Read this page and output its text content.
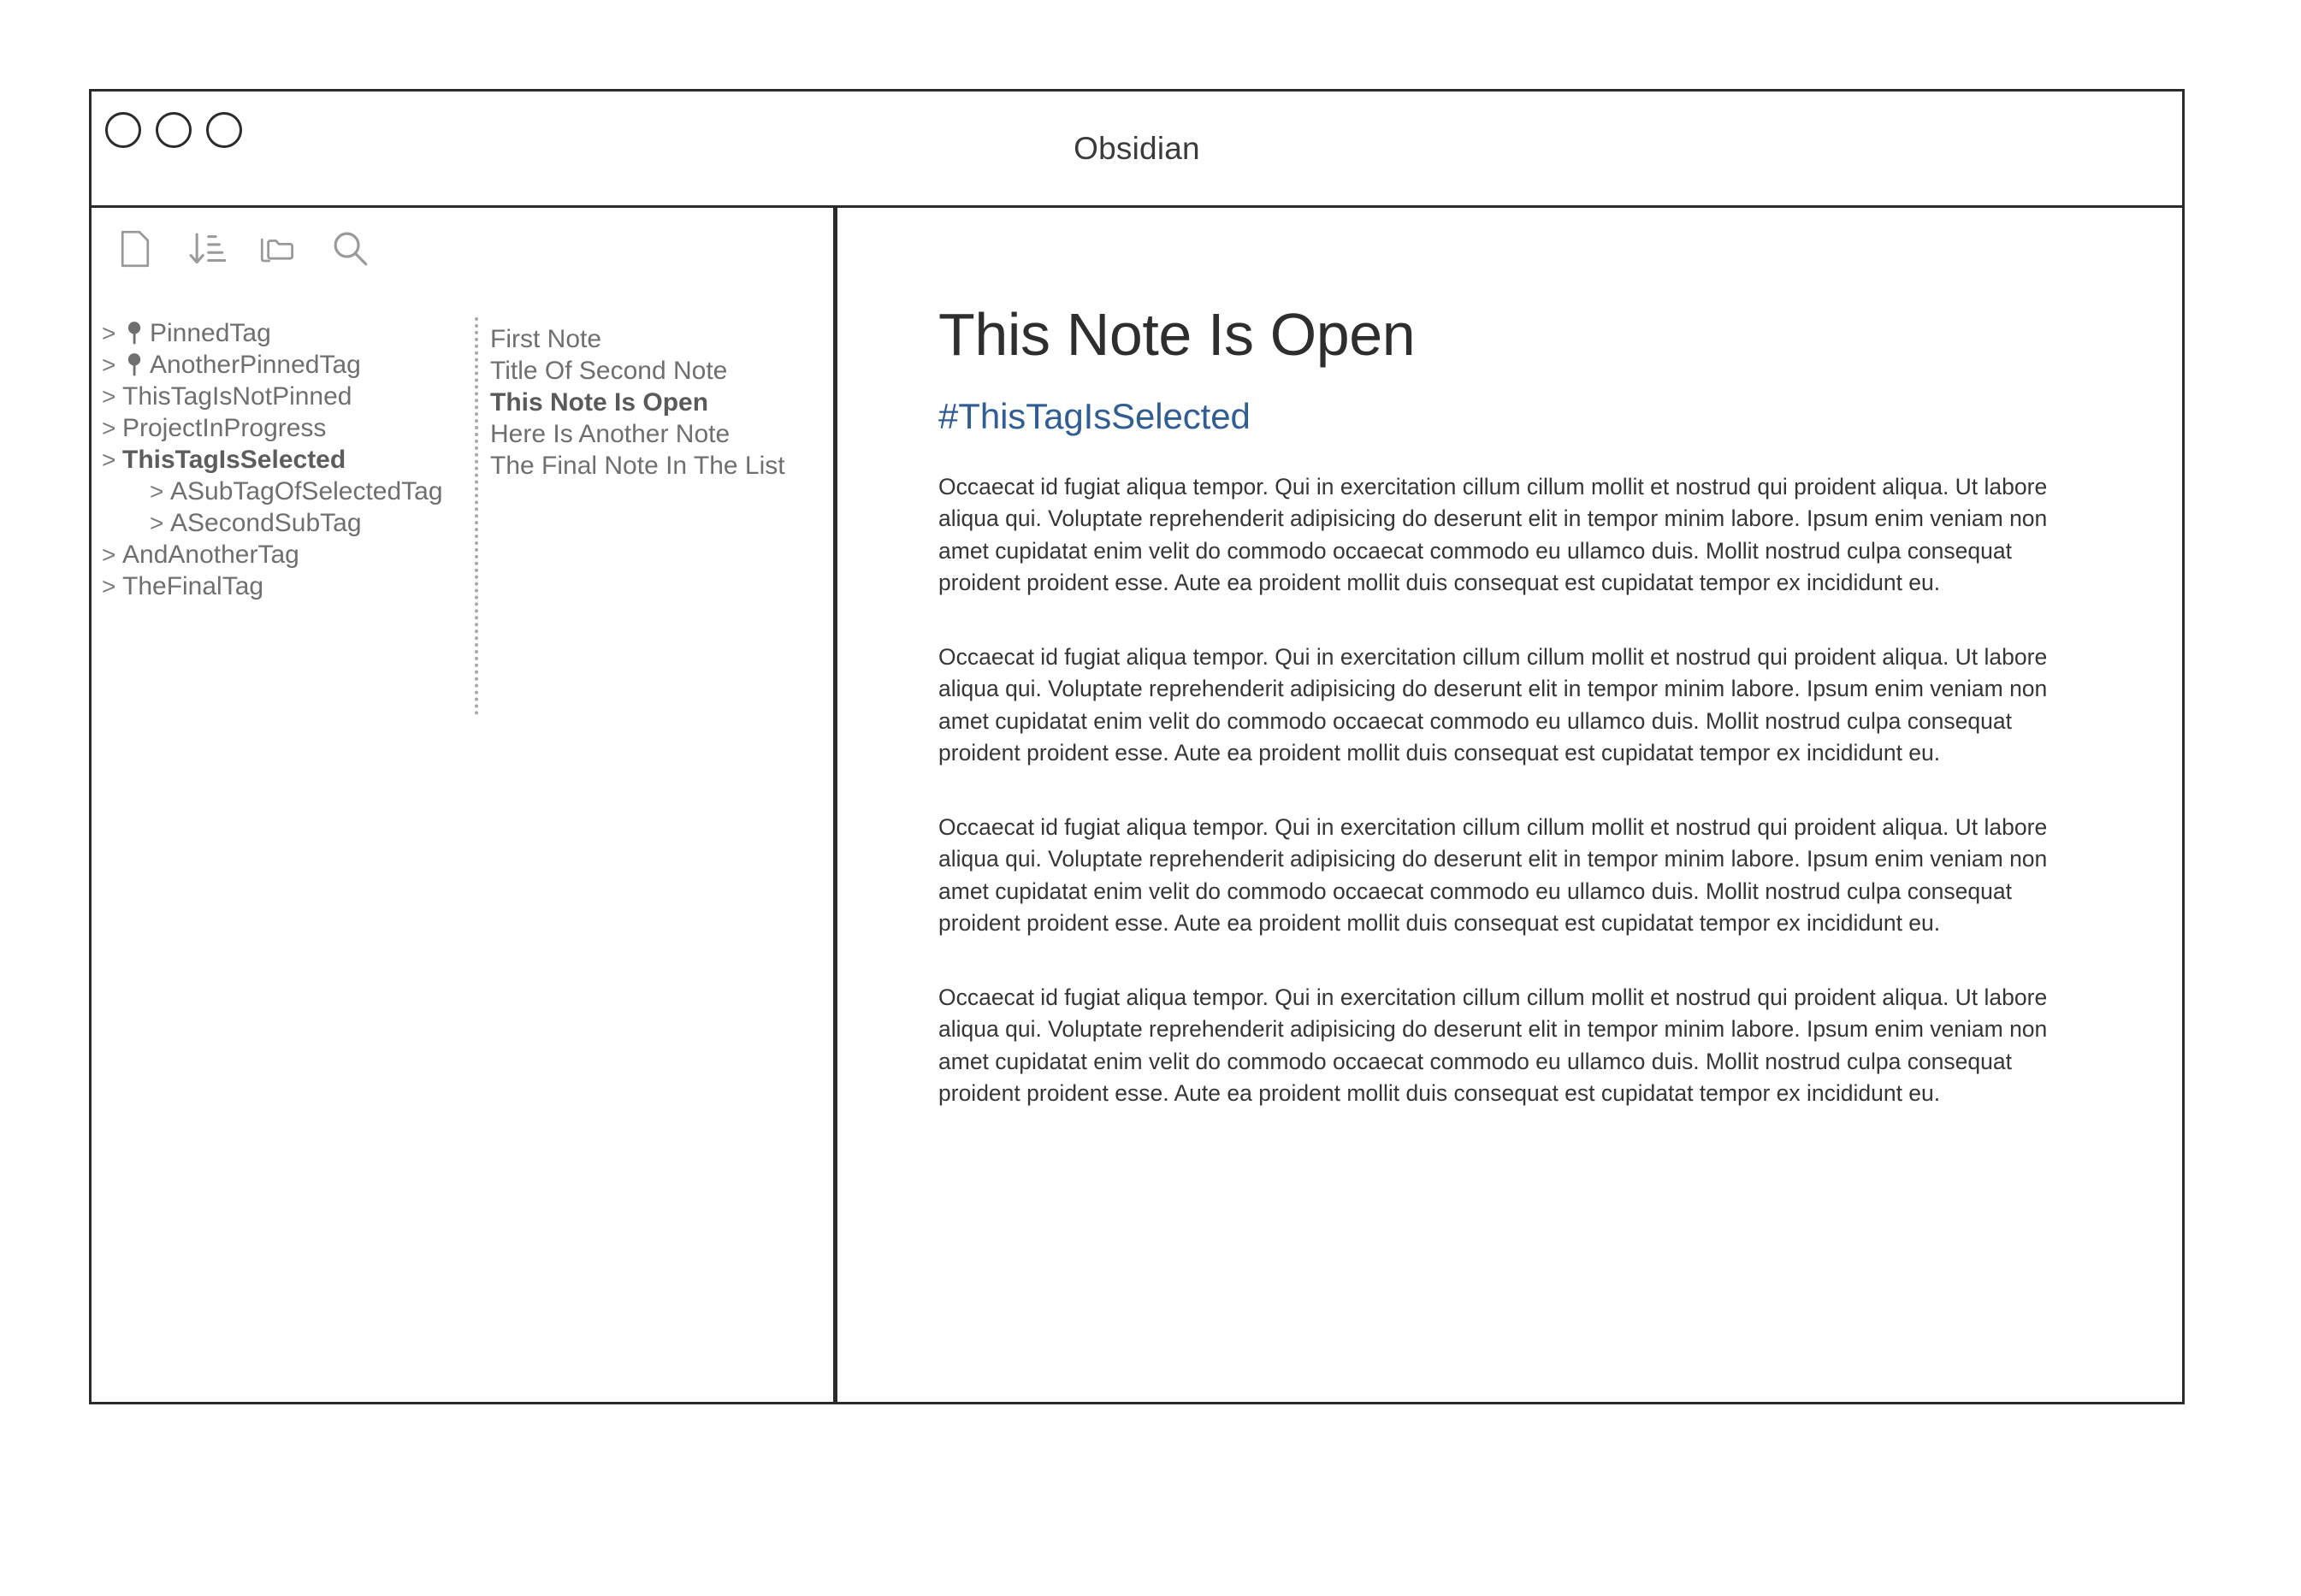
Obsidian
> PinnedTag
> AnotherPinnedTag
> ThisTagIsNotPinned
> ProjectInProgress
> ThisTagIsSelected
> ASubTagOfSelectedTag
> ASecondSubTag
> AndAnotherTag
> TheFinalTag
First Note
Title Of Second Note
This Note Is Open
Here Is Another Note
The Final Note In The List
This Note Is Open
#ThisTagIsSelected

Occaecat id fugiat aliqua tempor. Qui in exercitation cillum cillum mollit et nostrud qui proident aliqua. Ut labore aliqua qui. Voluptate reprehenderit adipisicing do deserunt elit in tempor minim labore. Ipsum enim veniam non amet cupidatat enim velit do commodo occaecat commodo eu ullamco duis. Mollit nostrud culpa consequat proident proident esse. Aute ea proident mollit duis consequat est cupidatat tempor ex incididunt eu.

Occaecat id fugiat aliqua tempor. Qui in exercitation cillum cillum mollit et nostrud qui proident aliqua. Ut labore aliqua qui. Voluptate reprehenderit adipisicing do deserunt elit in tempor minim labore. Ipsum enim veniam non amet cupidatat enim velit do commodo occaecat commodo eu ullamco duis. Mollit nostrud culpa consequat proident proident esse. Aute ea proident mollit duis consequat est cupidatat tempor ex incididunt eu.

Occaecat id fugiat aliqua tempor. Qui in exercitation cillum cillum mollit et nostrud qui proident aliqua. Ut labore aliqua qui. Voluptate reprehenderit adipisicing do deserunt elit in tempor minim labore. Ipsum enim veniam non amet cupidatat enim velit do commodo occaecat commodo eu ullamco duis. Mollit nostrud culpa consequat proident proident esse. Aute ea proident mollit duis consequat est cupidatat tempor ex incididunt eu.

Occaecat id fugiat aliqua tempor. Qui in exercitation cillum cillum mollit et nostrud qui proident aliqua. Ut labore aliqua qui. Voluptate reprehenderit adipisicing do deserunt elit in tempor minim labore. Ipsum enim veniam non amet cupidatat enim velit do commodo occaecat commodo eu ullamco duis. Mollit nostrud culpa consequat proident proident esse. Aute ea proident mollit duis consequat est cupidatat tempor ex incididunt eu.
